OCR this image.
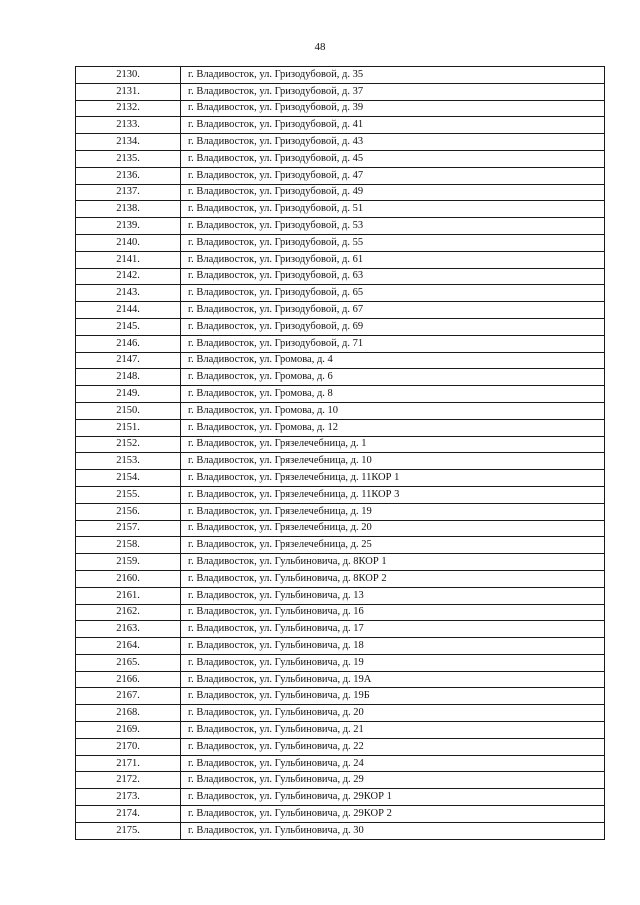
48
2130.	г. Владивосток, ул. Гризодубовой, д. 35
2131.	г. Владивосток, ул. Гризодубовой, д. 37
2132.	г. Владивосток, ул. Гризодубовой, д. 39
2133.	г. Владивосток, ул. Гризодубовой, д. 41
2134.	г. Владивосток, ул. Гризодубовой, д. 43
2135.	г. Владивосток, ул. Гризодубовой, д. 45
2136.	г. Владивосток, ул. Гризодубовой, д. 47
2137.	г. Владивосток, ул. Гризодубовой, д. 49
2138.	г. Владивосток, ул. Гризодубовой, д. 51
2139.	г. Владивосток, ул. Гризодубовой, д. 53
2140.	г. Владивосток, ул. Гризодубовой, д. 55
2141.	г. Владивосток, ул. Гризодубовой, д. 61
2142.	г. Владивосток, ул. Гризодубовой, д. 63
2143.	г. Владивосток, ул. Гризодубовой, д. 65
2144.	г. Владивосток, ул. Гризодубовой, д. 67
2145.	г. Владивосток, ул. Гризодубовой, д. 69
2146.	г. Владивосток, ул. Гризодубовой, д. 71
2147.	г. Владивосток, ул. Громова, д. 4
2148.	г. Владивосток, ул. Громова, д. 6
2149.	г. Владивосток, ул. Громова, д. 8
2150.	г. Владивосток, ул. Громова, д. 10
2151.	г. Владивосток, ул. Громова, д. 12
2152.	г. Владивосток, ул. Грязелечебница, д. 1
2153.	г. Владивосток, ул. Грязелечебница, д. 10
2154.	г. Владивосток, ул. Грязелечебница, д. 11КОР 1
2155.	г. Владивосток, ул. Грязелечебница, д. 11КОР 3
2156.	г. Владивосток, ул. Грязелечебница, д. 19
2157.	г. Владивосток, ул. Грязелечебница, д. 20
2158.	г. Владивосток, ул. Грязелечебница, д. 25
2159.	г. Владивосток, ул. Гульбиновича, д. 8КОР 1
2160.	г. Владивосток, ул. Гульбиновича, д. 8КОР 2
2161.	г. Владивосток, ул. Гульбиновича, д. 13
2162.	г. Владивосток, ул. Гульбиновича, д. 16
2163.	г. Владивосток, ул. Гульбиновича, д. 17
2164.	г. Владивосток, ул. Гульбиновича, д. 18
2165.	г. Владивосток, ул. Гульбиновича, д. 19
2166.	г. Владивосток, ул. Гульбиновича, д. 19А
2167.	г. Владивосток, ул. Гульбиновича, д. 19Б
2168.	г. Владивосток, ул. Гульбиновича, д. 20
2169.	г. Владивосток, ул. Гульбиновича, д. 21
2170.	г. Владивосток, ул. Гульбиновича, д. 22
2171.	г. Владивосток, ул. Гульбиновича, д. 24
2172.	г. Владивосток, ул. Гульбиновича, д. 29
2173.	г. Владивосток, ул. Гульбиновича, д. 29КОР 1
2174.	г. Владивосток, ул. Гульбиновича, д. 29КОР 2
2175.	г. Владивосток, ул. Гульбиновича, д. 30
